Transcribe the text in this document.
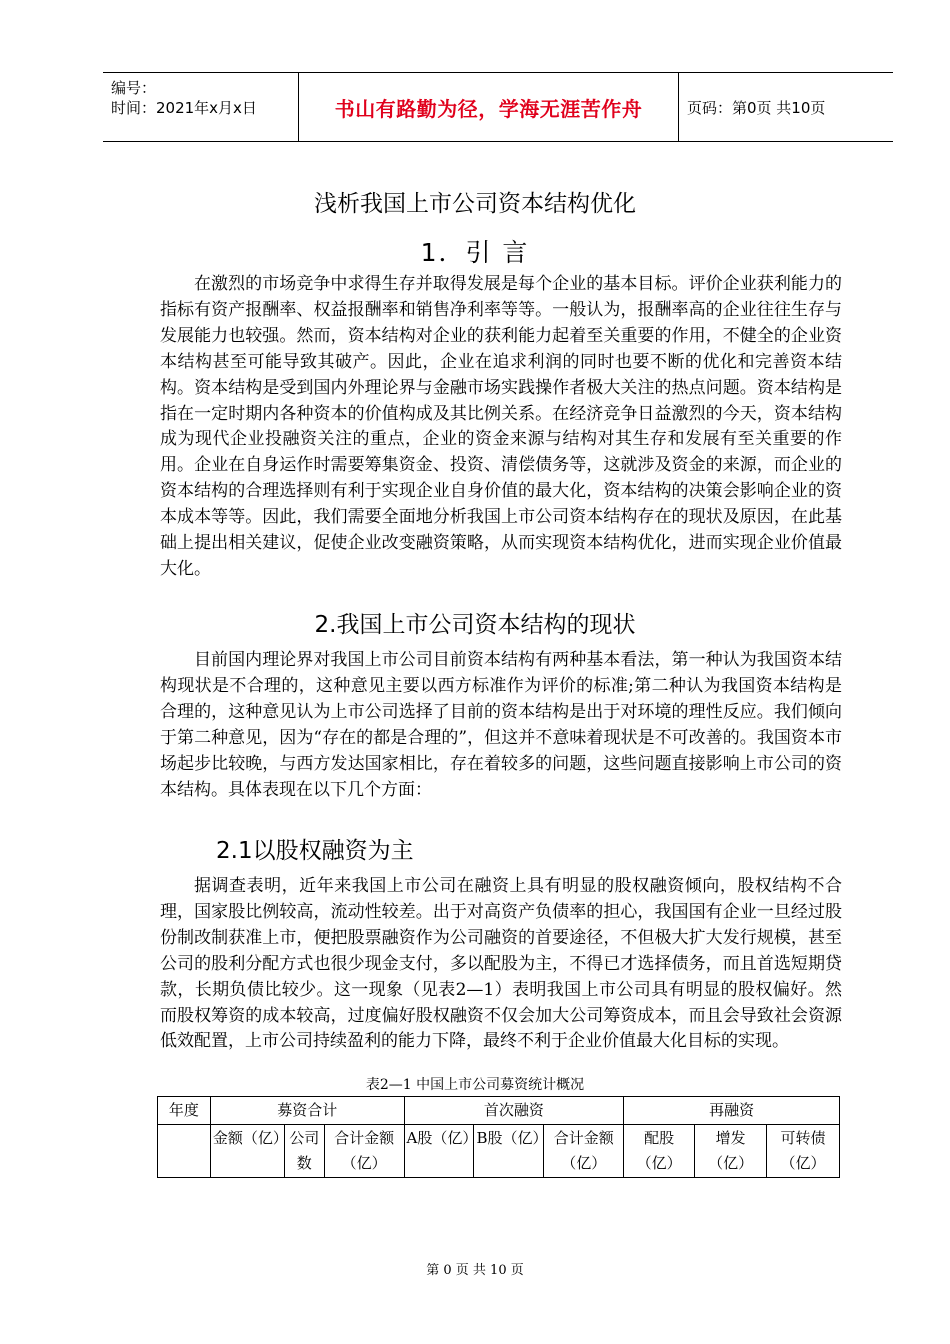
编号：
时间：2021年x月x日	书山有路勤为径，学海无涯苦作舟	页码：第0页 共10页
浅析我国上市公司资本结构优化
1．引 言

在激烈的市场竞争中求得生存并取得发展是每个企业的基本目标。评价企业获利能力的指标有资产报酬率、权益报酬率和销售净利率等等。一般认为，报酬率高的企业往往生存与发展能力也较强。然而，资本结构对企业的获利能力起着至关重要的作用，不健全的企业资本结构甚至可能导致其破产。因此，企业在追求利润的同时也要不断的优化和完善资本结构。资本结构是受到国内外理论界与金融市场实践操作者极大关注的热点问题。资本结构是指在一定时期内各种资本的价值构成及其比例关系。在经济竞争日益激烈的今天，资本结构成为现代企业投融资关注的重点，企业的资金来源与结构对其生存和发展有至关重要的作用。企业在自身运作时需要筹集资金、投资、清偿债务等，这就涉及资金的来源，而企业的资本结构的合理选择则有利于实现企业自身价值的最大化，资本结构的决策会影响企业的资本成本等等。因此，我们需要全面地分析我国上市公司资本结构存在的现状及原因，在此基础上提出相关建议，促使企业改变融资策略，从而实现资本结构优化，进而实现企业价值最大化。

2.我国上市公司资本结构的现状

目前国内理论界对我国上市公司目前资本结构有两种基本看法，第一种认为我国资本结构现状是不合理的，这种意见主要以西方标准作为评价的标准;第二种认为我国资本结构是合理的，这种意见认为上市公司选择了目前的资本结构是出于对环境的理性反应。我们倾向于第二种意见，因为“存在的都是合理的”，但这并不意味着现状是不可改善的。我国资本市场起步比较晚，与西方发达国家相比，存在着较多的问题，这些问题直接影响上市公司的资本结构。具体表现在以下几个方面：

2.1以股权融资为主

据调查表明，近年来我国上市公司在融资上具有明显的股权融资倾向，股权结构不合理，国家股比例较高，流动性较差。出于对高资产负债率的担心，我国国有企业一旦经过股份制改制获准上市，便把股票融资作为公司融资的首要途径，不但极大扩大发行规模，甚至公司的股利分配方式也很少现金支付，多以配股为主，不得已才选择债务，而且首选短期贷款，长期负债比较少。这一现象（见表2—1）表明我国上市公司具有明显的股权偏好。然而股权筹资的成本较高，过度偏好股权融资不仅会加大公司筹资成本，而且会导致社会资源低效配置，上市公司持续盈利的能力下降，最终不利于企业价值最大化目标的实现。

表2—1 中国上市公司募资统计概况
年度	募资合计			首次融资			再融资		
	金额（亿）	公司数	合计金额（亿）	A股（亿）	B股（亿）	合计金额（亿）	配股（亿）	增发（亿）	可转债（亿）
第 0 页 共 10 页
